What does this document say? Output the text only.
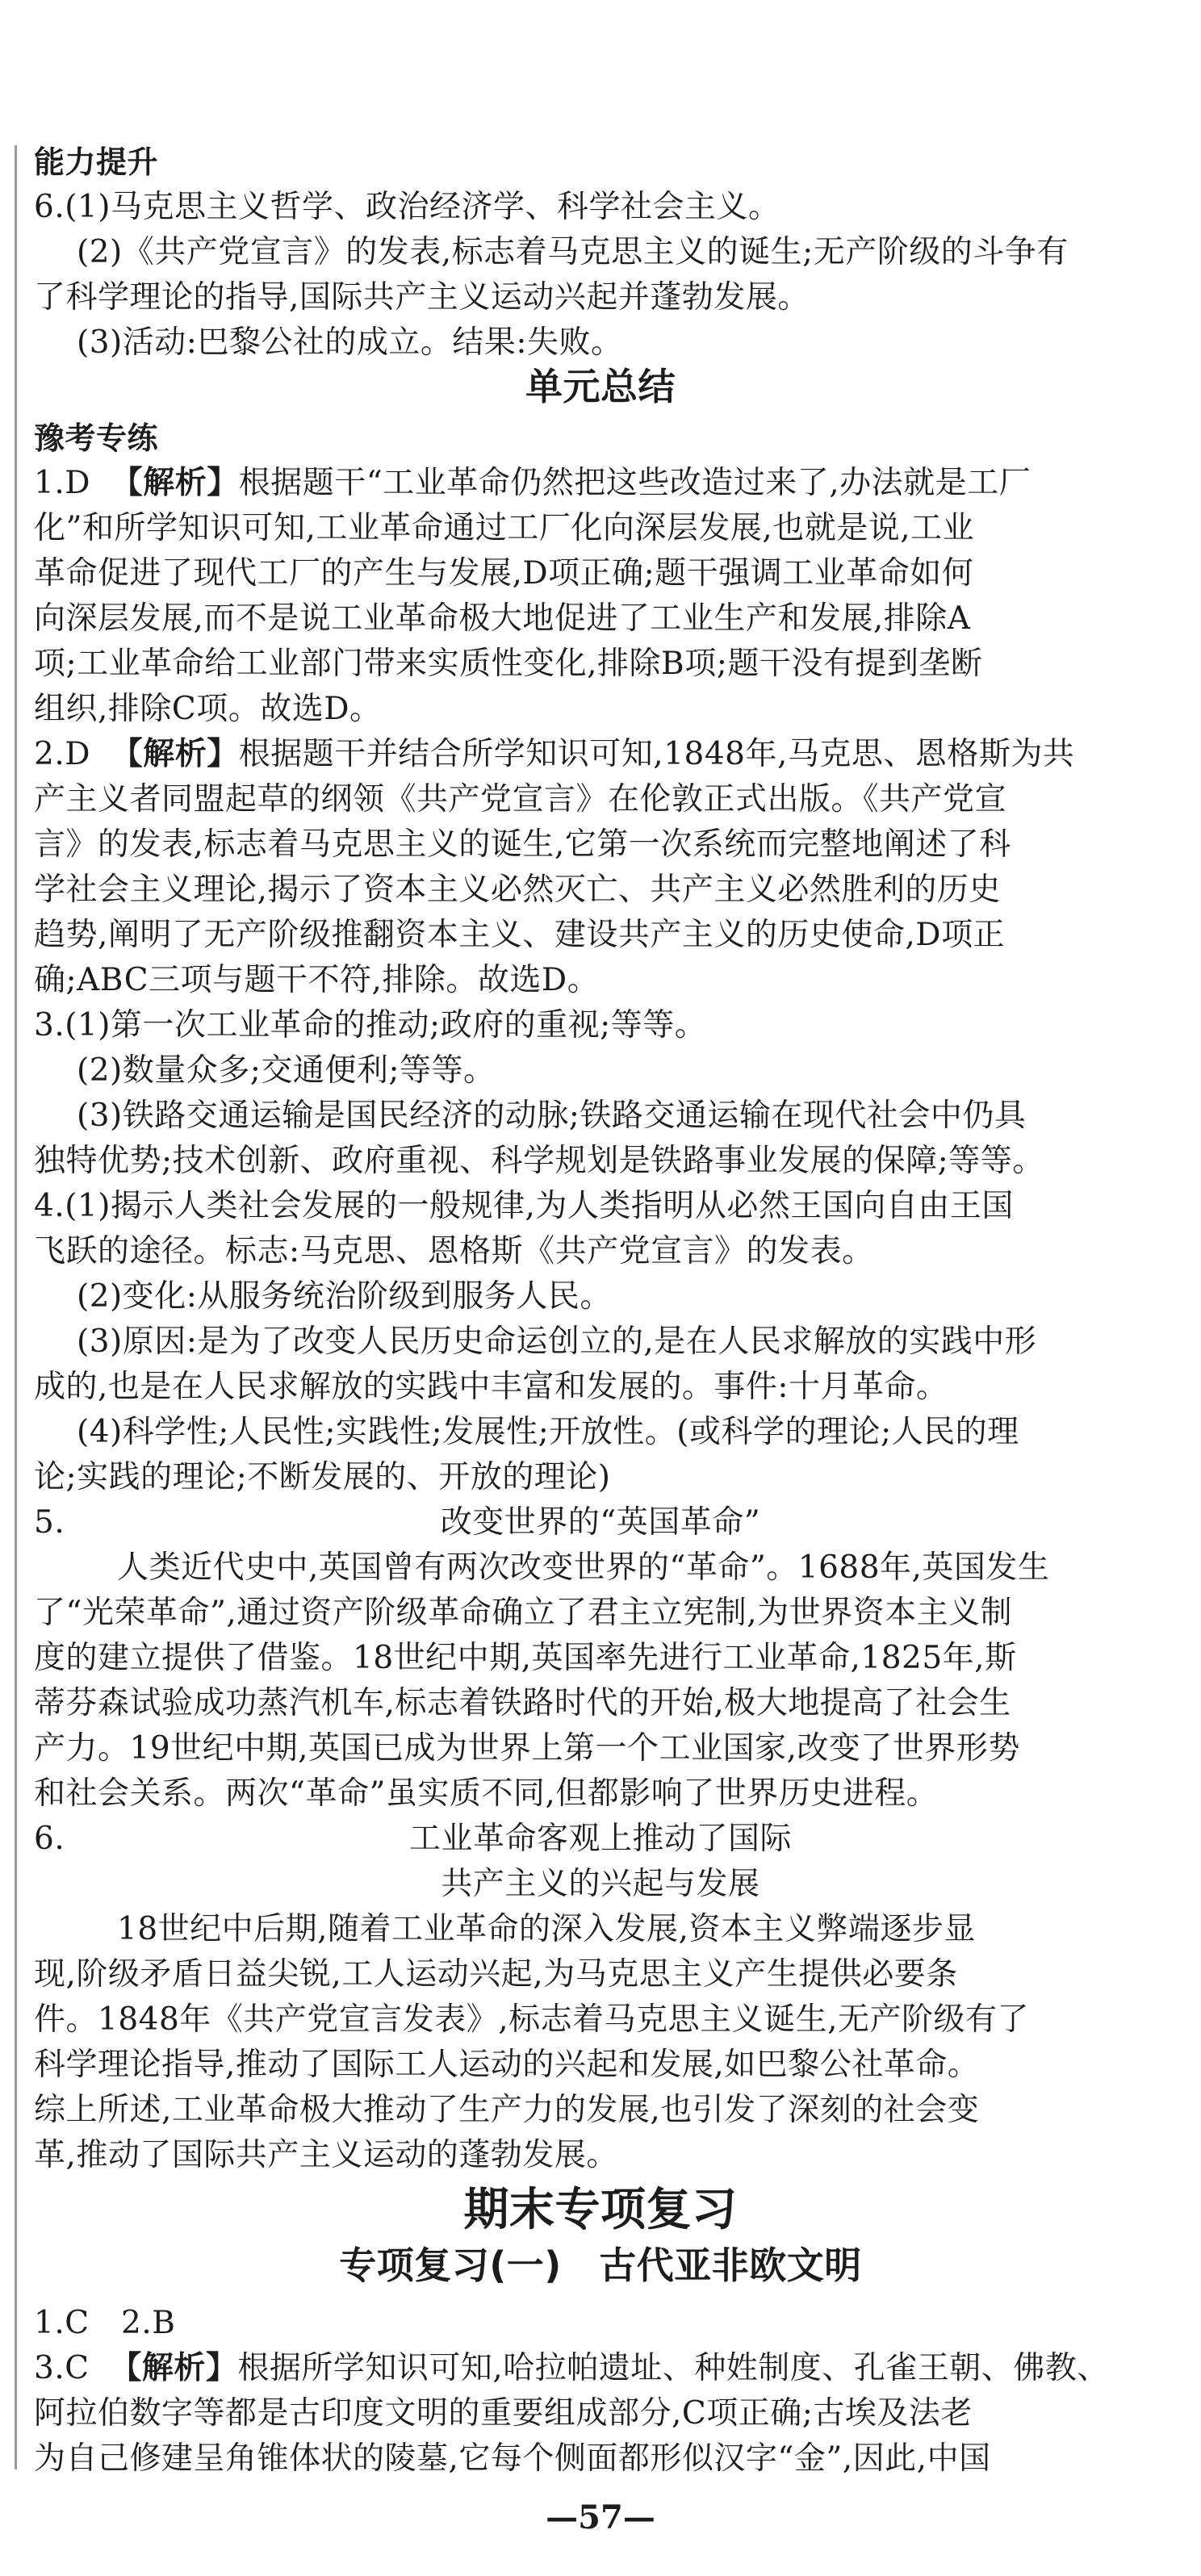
能力提升
6.(1)马克思主义哲学、政治经济学、科学社会主义。
(2)《共产党宣言》的发表,标志着马克思主义的诞生;无产阶级的斗争有
了科学理论的指导,国际共产主义运动兴起并蓬勃发展。
(3)活动:巴黎公社的成立。结果:失败。
单元总结
豫考专练
1.D 【解析】根据题干“工业革命仍然把这些改造过来了,办法就是工厂
化”和所学知识可知,工业革命通过工厂化向深层发展,也就是说,工业
革命促进了现代工厂的产生与发展,D项正确;题干强调工业革命如何
向深层发展,而不是说工业革命极大地促进了工业生产和发展,排除A
项;工业革命给工业部门带来实质性变化,排除B项;题干没有提到垄断
组织,排除C项。故选D。
2.D 【解析】根据题干并结合所学知识可知,1848年,马克思、恩格斯为共
产主义者同盟起草的纲领《共产党宣言》在伦敦正式出版。《共产党宣
言》的发表,标志着马克思主义的诞生,它第一次系统而完整地阐述了科
学社会主义理论,揭示了资本主义必然灭亡、共产主义必然胜利的历史
趋势,阐明了无产阶级推翻资本主义、建设共产主义的历史使命,D项正
确;ABC三项与题干不符,排除。故选D。
3.(1)第一次工业革命的推动;政府的重视;等等。
(2)数量众多;交通便利;等等。
(3)铁路交通运输是国民经济的动脉;铁路交通运输在现代社会中仍具
独特优势;技术创新、政府重视、科学规划是铁路事业发展的保障;等等。
4.(1)揭示人类社会发展的一般规律,为人类指明从必然王国向自由王国
飞跃的途径。标志:马克思、恩格斯《共产党宣言》的发表。
(2)变化:从服务统治阶级到服务人民。
(3)原因:是为了改变人民历史命运创立的,是在人民求解放的实践中形
成的,也是在人民求解放的实践中丰富和发展的。事件:十月革命。
(4)科学性;人民性;实践性;发展性;开放性。(或科学的理论;人民的理
论;实践的理论;不断发展的、开放的理论)
5.	改变世界的“英国革命”
人类近代史中,英国曾有两次改变世界的“革命”。1688年,英国发生
了“光荣革命”,通过资产阶级革命确立了君主立宪制,为世界资本主义制
度的建立提供了借鉴。18世纪中期,英国率先进行工业革命,1825年,斯
蒂芬森试验成功蒸汽机车,标志着铁路时代的开始,极大地提高了社会生
产力。19世纪中期,英国已成为世界上第一个工业国家,改变了世界形势
和社会关系。两次“革命”虽实质不同,但都影响了世界历史进程。
6.	工业革命客观上推动了国际
共产主义的兴起与发展
18世纪中后期,随着工业革命的深入发展,资本主义弊端逐步显
现,阶级矛盾日益尖锐,工人运动兴起,为马克思主义产生提供必要条
件。1848年《共产党宣言发表》,标志着马克思主义诞生,无产阶级有了
科学理论指导,推动了国际工人运动的兴起和发展,如巴黎公社革命。
综上所述,工业革命极大推动了生产力的发展,也引发了深刻的社会变
革,推动了国际共产主义运动的蓬勃发展。
期末专项复习
专项复习(一)　古代亚非欧文明
1.C　2.B
3.C 【解析】根据所学知识可知,哈拉帕遗址、种姓制度、孔雀王朝、佛教、
阿拉伯数字等都是古印度文明的重要组成部分,C项正确;古埃及法老
为自己修建呈角锥体状的陵墓,它每个侧面都形似汉字“金”,因此,中国
—57—
